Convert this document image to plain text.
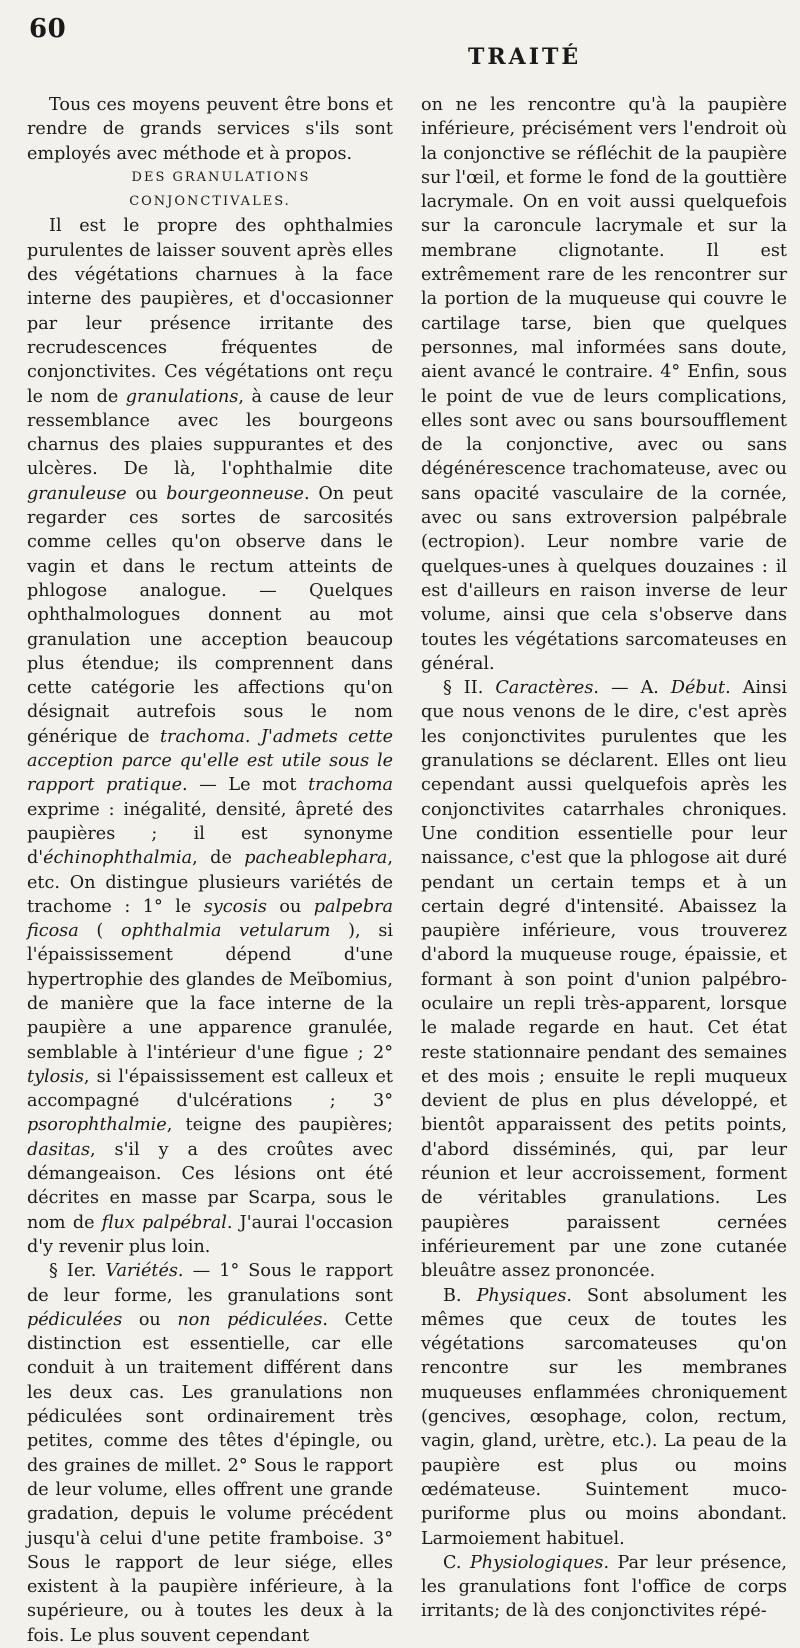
60
TRAITÉ

Tous ces moyens peuvent être bons et rendre de grands services s'ils sont employés avec méthode et à propos.

DES GRANULATIONS CONJONCTIVALES.

Il est le propre des ophthalmies purulentes de laisser souvent après elles des végétations charnues à la face interne des paupières, et d'occasionner par leur présence irritante des recrudescences fréquentes de conjonctivites. Ces végétations ont reçu le nom de granulations, à cause de leur ressemblance avec les bourgeons charnus des plaies suppurantes et des ulcères. De là, l'ophthalmie dite granuleuse ou bourgeonneuse. On peut regarder ces sortes de sarcosités comme celles qu'on observe dans le vagin et dans le rectum atteints de phlogose analogue. — Quelques ophthalmologues donnent au mot granulation une acception beaucoup plus étendue; ils comprennent dans cette catégorie les affections qu'on désignait autrefois sous le nom générique de trachoma. J'admets cette acception parce qu'elle est utile sous le rapport pratique. — Le mot trachoma exprime : inégalité, densité, âpreté des paupières ; il est synonyme d'échinophthalmia, de pacheablephara, etc. On distingue plusieurs variétés de trachome : 1° le sycosis ou palpebra ficosa ( ophthalmia vetularum ), si l'épaississement dépend d'une hypertrophie des glandes de Meïbomius, de manière que la face interne de la paupière a une apparence granulée, semblable à l'intérieur d'une figue ; 2° tylosis, si l'épaississement est calleux et accompagné d'ulcérations ; 3° psorophthalmie, teigne des paupières; dasitas, s'il y a des croûtes avec démangeaison. Ces lésions ont été décrites en masse par Scarpa, sous le nom de flux palpébral. J'aurai l'occasion d'y revenir plus loin.

§ Ier. Variétés. — 1° Sous le rapport de leur forme, les granulations sont pédiculées ou non pédiculées. Cette distinction est essentielle, car elle conduit à un traitement différent dans les deux cas. Les granulations non pédiculées sont ordinairement très petites, comme des têtes d'épingle, ou des graines de millet. 2° Sous le rapport de leur volume, elles offrent une grande gradation, depuis le volume précédent jusqu'à celui d'une petite framboise. 3° Sous le rapport de leur siége, elles existent à la paupière inférieure, à la supérieure, ou à toutes les deux à la fois. Le plus souvent cependant

on ne les rencontre qu'à la paupière inférieure, précisément vers l'endroit où la conjonctive se réfléchit de la paupière sur l'œil, et forme le fond de la gouttière lacrymale. On en voit aussi quelquefois sur la caroncule lacrymale et sur la membrane clignotante. Il est extrêmement rare de les rencontrer sur la portion de la muqueuse qui couvre le cartilage tarse, bien que quelques personnes, mal informées sans doute, aient avancé le contraire. 4° Enfin, sous le point de vue de leurs complications, elles sont avec ou sans boursoufflement de la conjonctive, avec ou sans dégénérescence trachomateuse, avec ou sans opacité vasculaire de la cornée, avec ou sans extroversion palpébrale (ectropion). Leur nombre varie de quelques-unes à quelques douzaines : il est d'ailleurs en raison inverse de leur volume, ainsi que cela s'observe dans toutes les végétations sarcomateuses en général.

§ II. Caractères. — A. Début. Ainsi que nous venons de le dire, c'est après les conjonctivites purulentes que les granulations se déclarent. Elles ont lieu cependant aussi quelquefois après les conjonctivites catarrhales chroniques. Une condition essentielle pour leur naissance, c'est que la phlogose ait duré pendant un certain temps et à un certain degré d'intensité. Abaissez la paupière inférieure, vous trouverez d'abord la muqueuse rouge, épaissie, et formant à son point d'union palpébro-oculaire un repli très-apparent, lorsque le malade regarde en haut. Cet état reste stationnaire pendant des semaines et des mois ; ensuite le repli muqueux devient de plus en plus développé, et bientôt apparaissent des petits points, d'abord disséminés, qui, par leur réunion et leur accroissement, forment de véritables granulations. Les paupières paraissent cernées inférieurement par une zone cutanée bleuâtre assez prononcée.

B. Physiques. Sont absolument les mêmes que ceux de toutes les végétations sarcomateuses qu'on rencontre sur les membranes muqueuses enflammées chroniquement (gencives, œsophage, colon, rectum, vagin, gland, urètre, etc.). La peau de la paupière est plus ou moins œdémateuse. Suintement muco-puriforme plus ou moins abondant. Larmoiement habituel.

C. Physiologiques. Par leur présence, les granulations font l'office de corps irritants; de là des conjonctivites répé-
